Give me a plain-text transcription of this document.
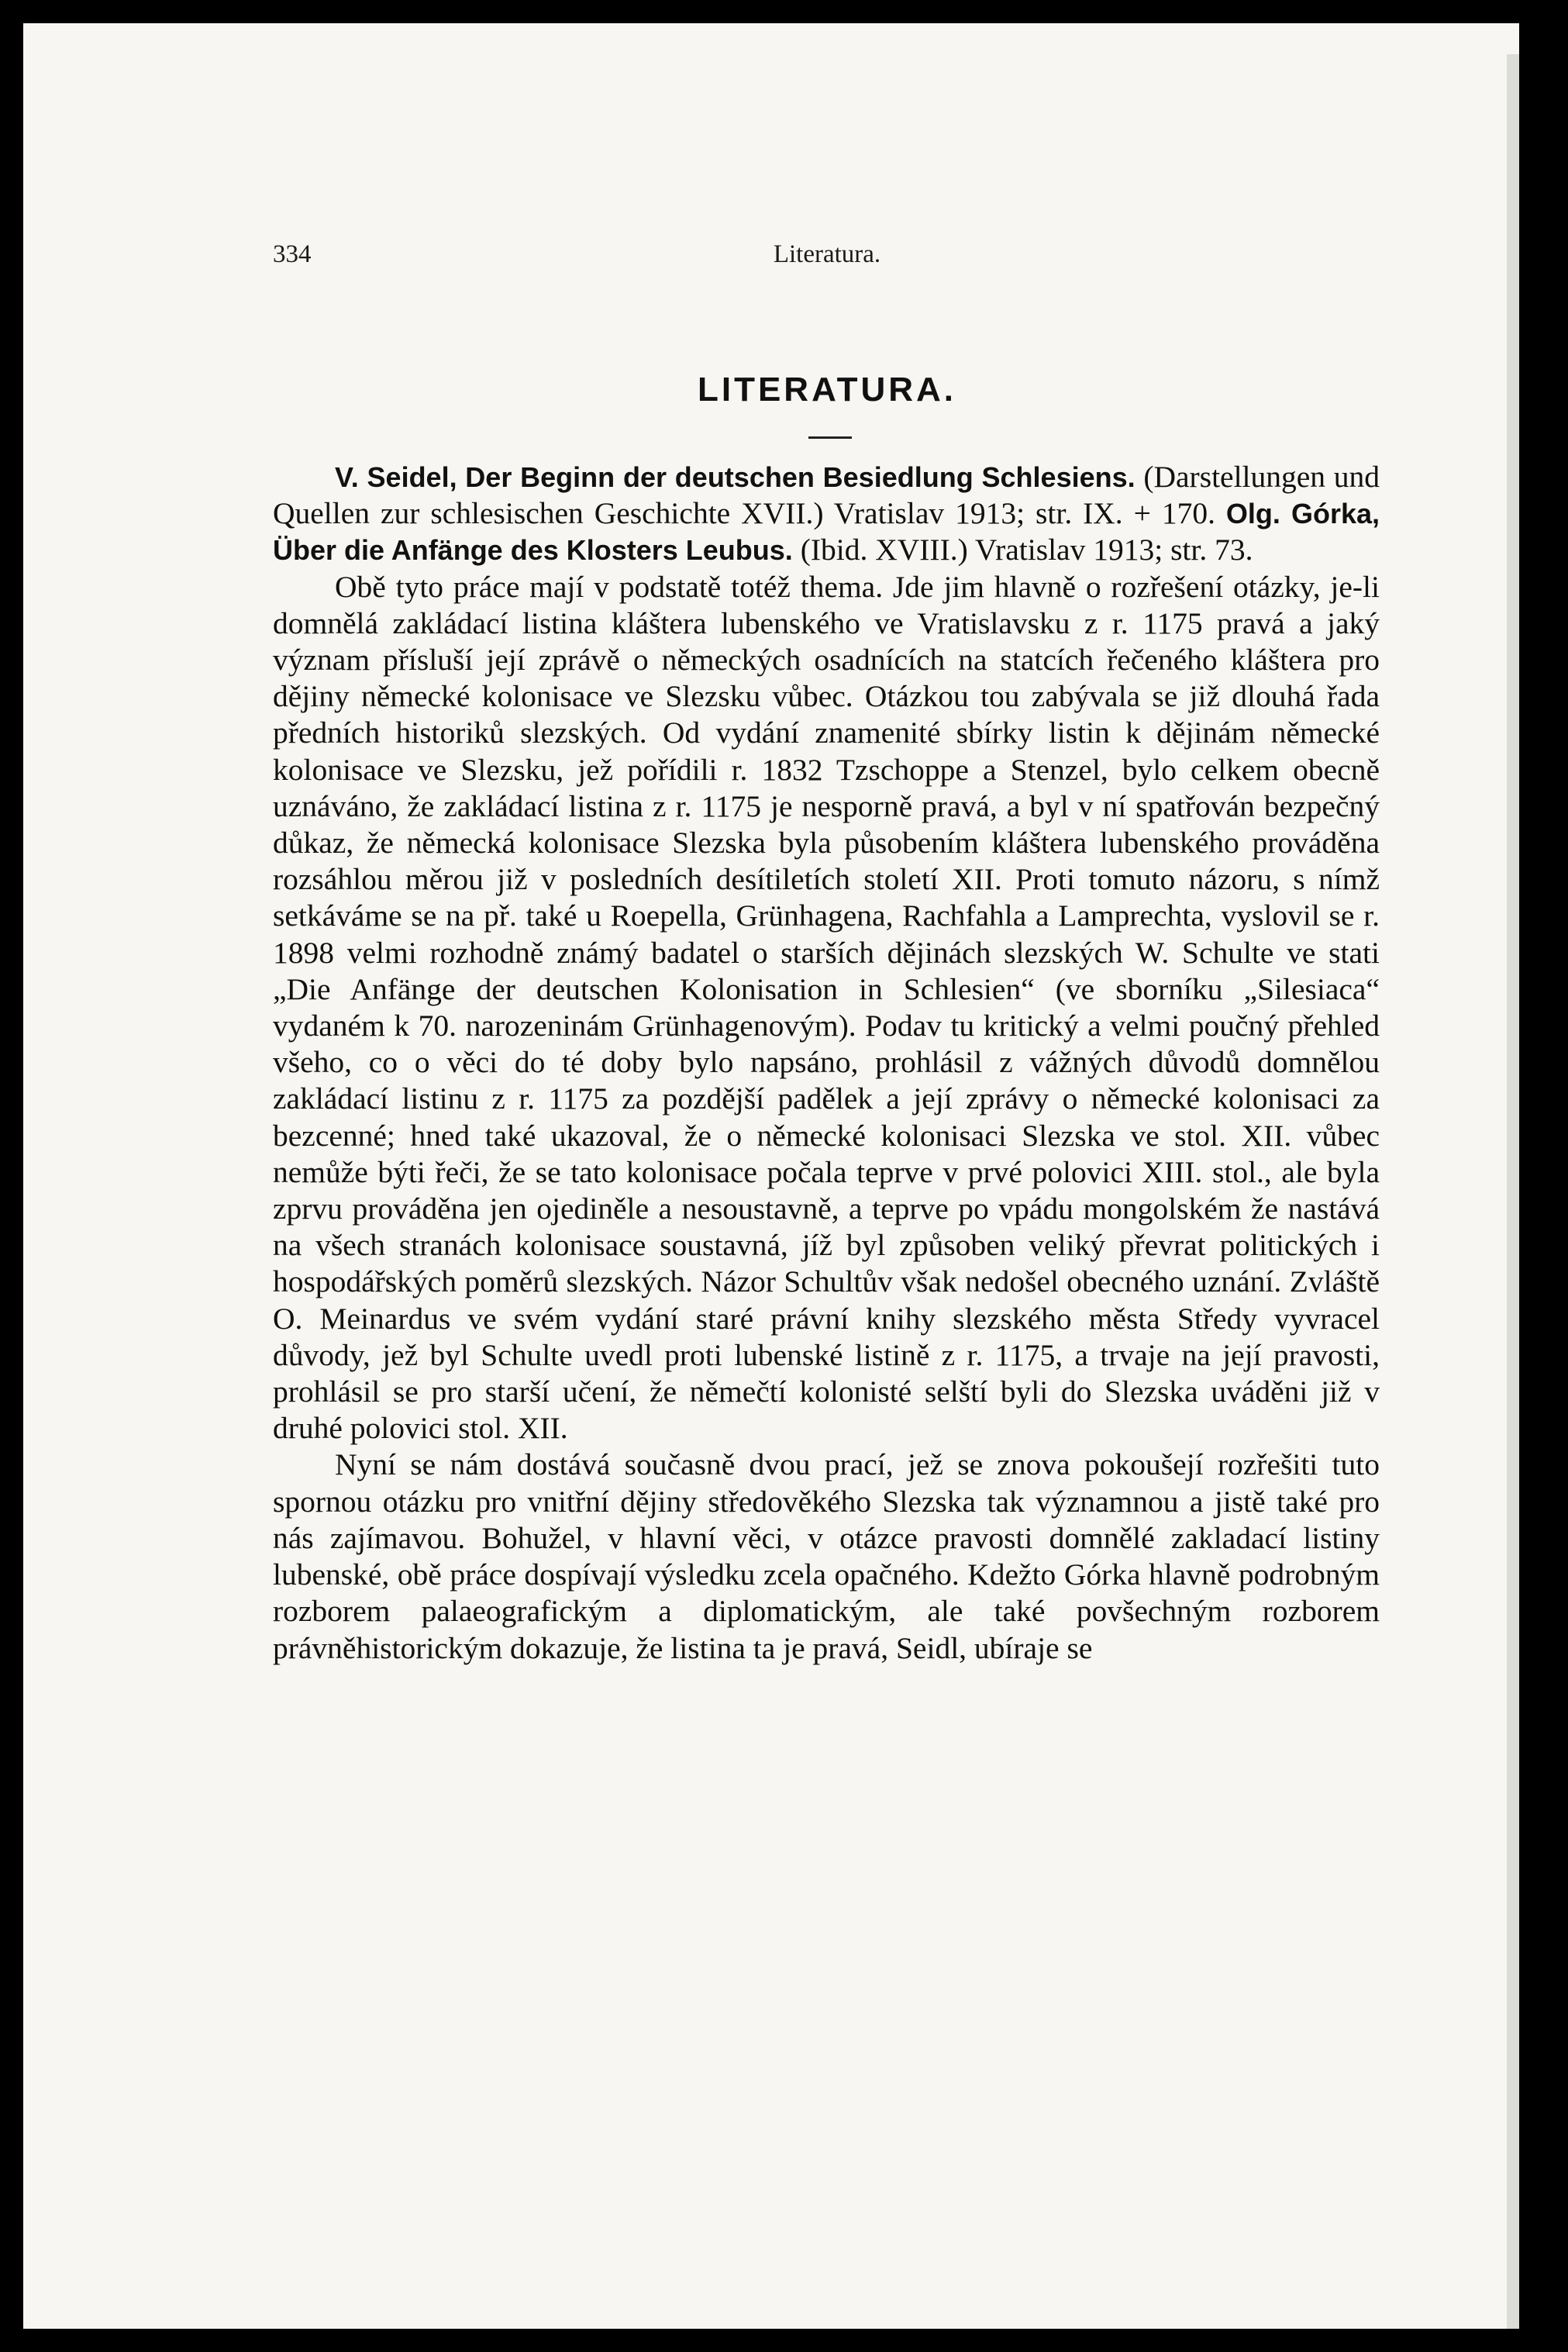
334	Literatura.
LITERATURA.

V. Seidel, Der Beginn der deutschen Besiedlung Schlesiens. (Darstellungen und Quellen zur schlesischen Geschichte XVII.) Vratislav 1913; str. IX. + 170. Olg. Górka, Über die Anfänge des Klosters Leubus. (Ibid. XVIII.) Vratislav 1913; str. 73.

Obě tyto práce mají v podstatě totéž thema. Jde jim hlavně o rozřešení otázky, je-li domnělá zakládací listina kláštera lubenského ve Vratislavsku z r. 1175 pravá a jaký význam přísluší její zprávě o německých osadnících na statcích řečeného kláštera pro dějiny německé kolonisace ve Slezsku vůbec. Otázkou tou zabývala se již dlouhá řada předních historiků slezských. Od vydání znamenité sbírky listin k dějinám německé kolonisace ve Slezsku, jež pořídili r. 1832 Tzschoppe a Stenzel, bylo celkem obecně uznáváno, že zakládací listina z r. 1175 je nesporně pravá, a byl v ní spatřován bezpečný důkaz, že německá kolonisace Slezska byla působením kláštera lubenského prováděna rozsáhlou měrou již v posledních desítiletích století XII. Proti tomuto názoru, s nímž setkáváme se na př. také u Roepella, Grünhagena, Rachfahla a Lamprechta, vyslovil se r. 1898 velmi rozhodně známý badatel o starších dějinách slezských W. Schulte ve stati „Die Anfänge der deutschen Kolonisation in Schlesien“ (ve sborníku „Silesiaca“ vydaném k 70. narozeninám Grünhagenovým). Podav tu kritický a velmi poučný přehled všeho, co o věci do té doby bylo napsáno, prohlásil z vážných důvodů domnělou zakládací listinu z r. 1175 za pozdější padělek a její zprávy o německé kolonisaci za bezcenné; hned také ukazoval, že o německé kolonisaci Slezska ve stol. XII. vůbec nemůže býti řeči, že se tato kolonisace počala teprve v prvé polovici XIII. stol., ale byla zprvu prováděna jen ojediněle a nesoustavně, a teprve po vpádu mongolském že nastává na všech stranách kolonisace soustavná, jíž byl způsoben veliký převrat politických i hospodářských poměrů slezských. Názor Schultův však nedošel obecného uznání. Zvláště O. Meinardus ve svém vydání staré právní knihy slezského města Středy vyvracel důvody, jež byl Schulte uvedl proti lubenské listině z r. 1175, a trvaje na její pravosti, prohlásil se pro starší učení, že němečtí kolonisté selští byli do Slezska uváděni již v druhé polovici stol. XII.

Nyní se nám dostává současně dvou prací, jež se znova pokoušejí rozřešiti tuto spornou otázku pro vnitřní dějiny středověkého Slezska tak významnou a jistě také pro nás zajímavou. Bohužel, v hlavní věci, v otázce pravosti domnělé zakladací listiny lubenské, obě práce dospívají výsledku zcela opačného. Kdežto Górka hlavně podrobným rozborem palaeografickým a diplomatickým, ale také povšechným rozborem právněhistorickým dokazuje, že listina ta je pravá, Seidl, ubíraje se
